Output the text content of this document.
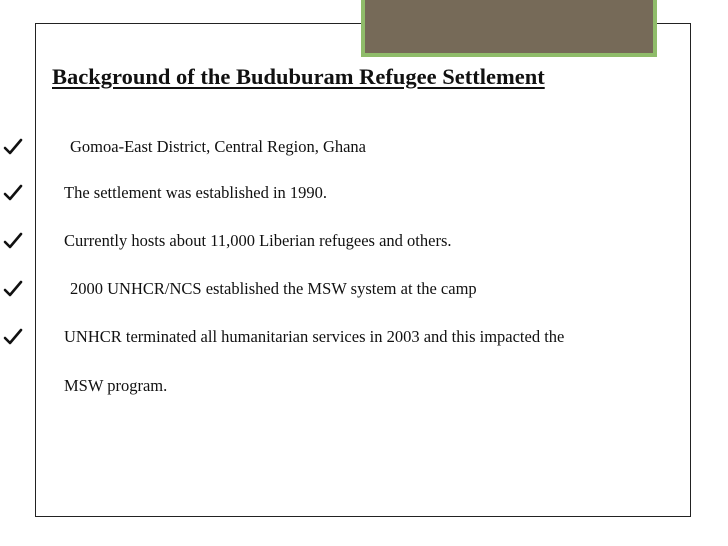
Background of the Buduburam Refugee Settlement
Gomoa-East District, Central Region, Ghana
The settlement was established in 1990.
Currently hosts about 11,000 Liberian refugees and others.
2000 UNHCR/NCS established the MSW system at the camp
UNHCR terminated all humanitarian services in 2003 and this impacted the
MSW program.
